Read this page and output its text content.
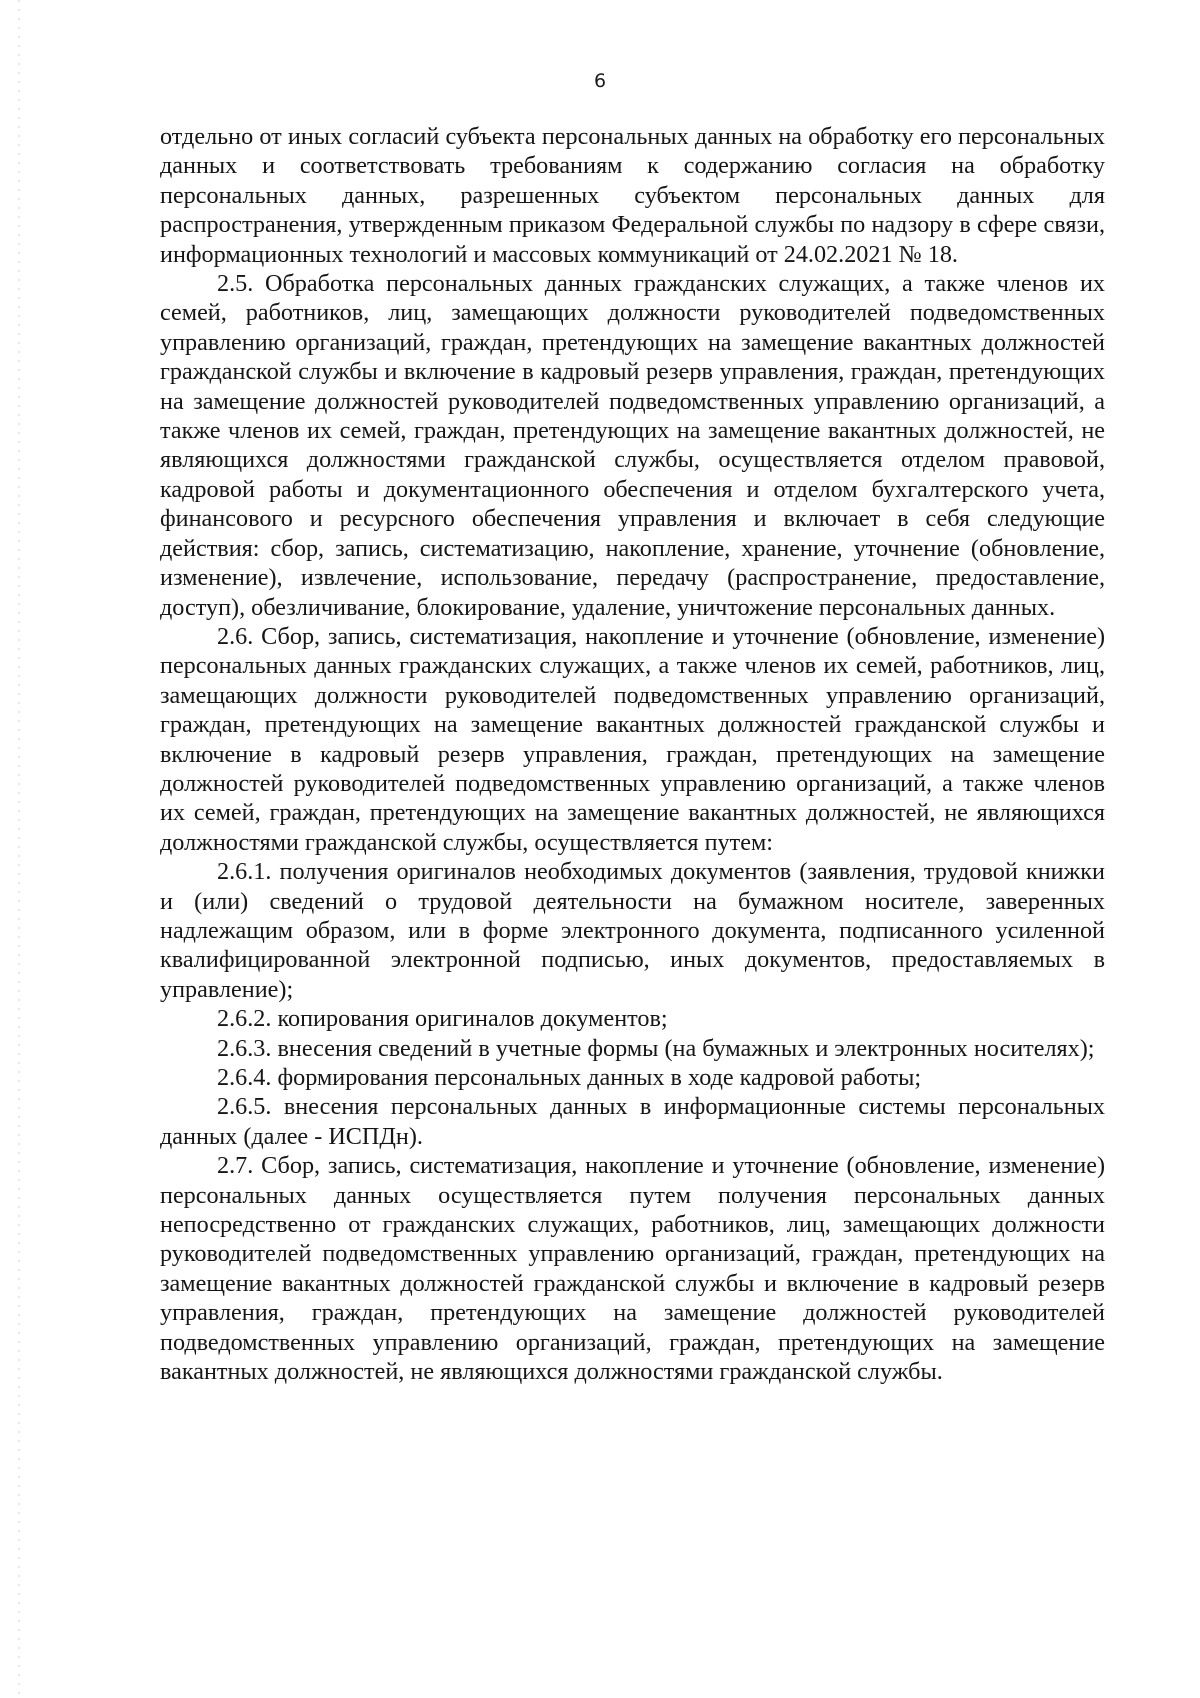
6

отдельно от иных согласий субъекта персональных данных на обработку его персональных данных и соответствовать требованиям к содержанию согласия на обработку персональных данных, разрешенных субъектом персональных данных для распространения, утвержденным приказом Федеральной службы по надзору в сфере связи, информационных технологий и массовых коммуникаций от 24.02.2021 № 18.

2.5. Обработка персональных данных гражданских служащих, а также членов их семей, работников, лиц, замещающих должности руководителей подведомственных управлению организаций, граждан, претендующих на замещение вакантных должностей гражданской службы и включение в кадровый резерв управления, граждан, претендующих на замещение должностей руководителей подведомственных управлению организаций, а также членов их семей, граждан, претендующих на замещение вакантных должностей, не являющихся должностями гражданской службы, осуществляется отделом правовой, кадровой работы и документационного обеспечения и отделом бухгалтерского учета, финансового и ресурсного обеспечения управления и включает в себя следующие действия: сбор, запись, систематизацию, накопление, хранение, уточнение (обновление, изменение), извлечение, использование, передачу (распространение, предоставление, доступ), обезличивание, блокирование, удаление, уничтожение персональных данных.

2.6. Сбор, запись, систематизация, накопление и уточнение (обновление, изменение) персональных данных гражданских служащих, а также членов их семей, работников, лиц, замещающих должности руководителей подведомственных управлению организаций, граждан, претендующих на замещение вакантных должностей гражданской службы и включение в кадровый резерв управления, граждан, претендующих на замещение должностей руководителей подведомственных управлению организаций, а также членов их семей, граждан, претендующих на замещение вакантных должностей, не являющихся должностями гражданской службы, осуществляется путем:

2.6.1. получения оригиналов необходимых документов (заявления, трудовой книжки и (или) сведений о трудовой деятельности на бумажном носителе, заверенных надлежащим образом, или в форме электронного документа, подписанного усиленной квалифицированной электронной подписью, иных документов, предоставляемых в управление);

2.6.2. копирования оригиналов документов;

2.6.3. внесения сведений в учетные формы (на бумажных и электронных носителях);

2.6.4. формирования персональных данных в ходе кадровой работы;

2.6.5. внесения персональных данных в информационные системы персональных данных (далее - ИСПДн).

2.7. Сбор, запись, систематизация, накопление и уточнение (обновление, изменение) персональных данных осуществляется путем получения персональных данных непосредственно от гражданских служащих, работников, лиц, замещающих должности руководителей подведомственных управлению организаций, граждан, претендующих на замещение вакантных должностей гражданской службы и включение в кадровый резерв управления, граждан, претендующих на замещение должностей руководителей подведомственных управлению организаций, граждан, претендующих на замещение вакантных должностей, не являющихся должностями гражданской службы.
